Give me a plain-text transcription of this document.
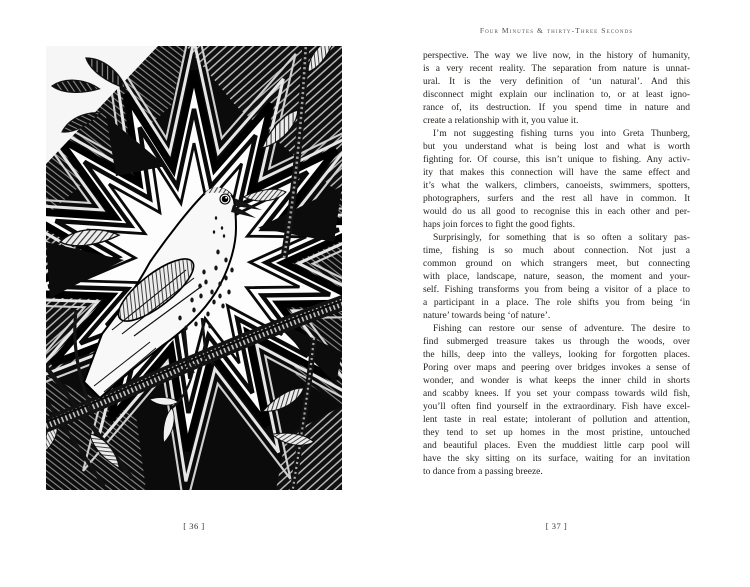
[ 36 ]
Four Minutes & thirty-Three Seconds
perspective. The way we live now, in the history of humanity,
is a very recent reality. The separation from nature is unnat-
ural. It is the very definition of ‘un natural’. And this
disconnect might explain our inclination to, or at least igno-
rance of, its destruction. If you spend time in nature and
create a relationship with it, you value it.
I’m not suggesting fishing turns you into Greta Thunberg,
but you understand what is being lost and what is worth
fighting for. Of course, this isn’t unique to fishing. Any activ-
ity that makes this connection will have the same effect and
it’s what the walkers, climbers, canoeists, swimmers, spotters,
photographers, surfers and the rest all have in common. It
would do us all good to recognise this in each other and per-
haps join forces to fight the good fights.
Surprisingly, for something that is so often a solitary pas-
time, fishing is so much about connection. Not just a
common ground on which strangers meet, but connecting
with place, landscape, nature, season, the moment and your-
self. Fishing transforms you from being a visitor of a place to
a participant in a place. The role shifts you from being ‘in
nature’ towards being ‘of nature’.
Fishing can restore our sense of adventure. The desire to
find submerged treasure takes us through the woods, over
the hills, deep into the valleys, looking for forgotten places.
Poring over maps and peering over bridges invokes a sense of
wonder, and wonder is what keeps the inner child in shorts
and scabby knees. If you set your compass towards wild fish,
you’ll often find yourself in the extraordinary. Fish have excel-
lent taste in real estate; intolerant of pollution and attention,
they tend to set up homes in the most pristine, untouched
and beautiful places. Even the muddiest little carp pool will
have the sky sitting on its surface, waiting for an invitation
to dance from a passing breeze.
[ 37 ]
